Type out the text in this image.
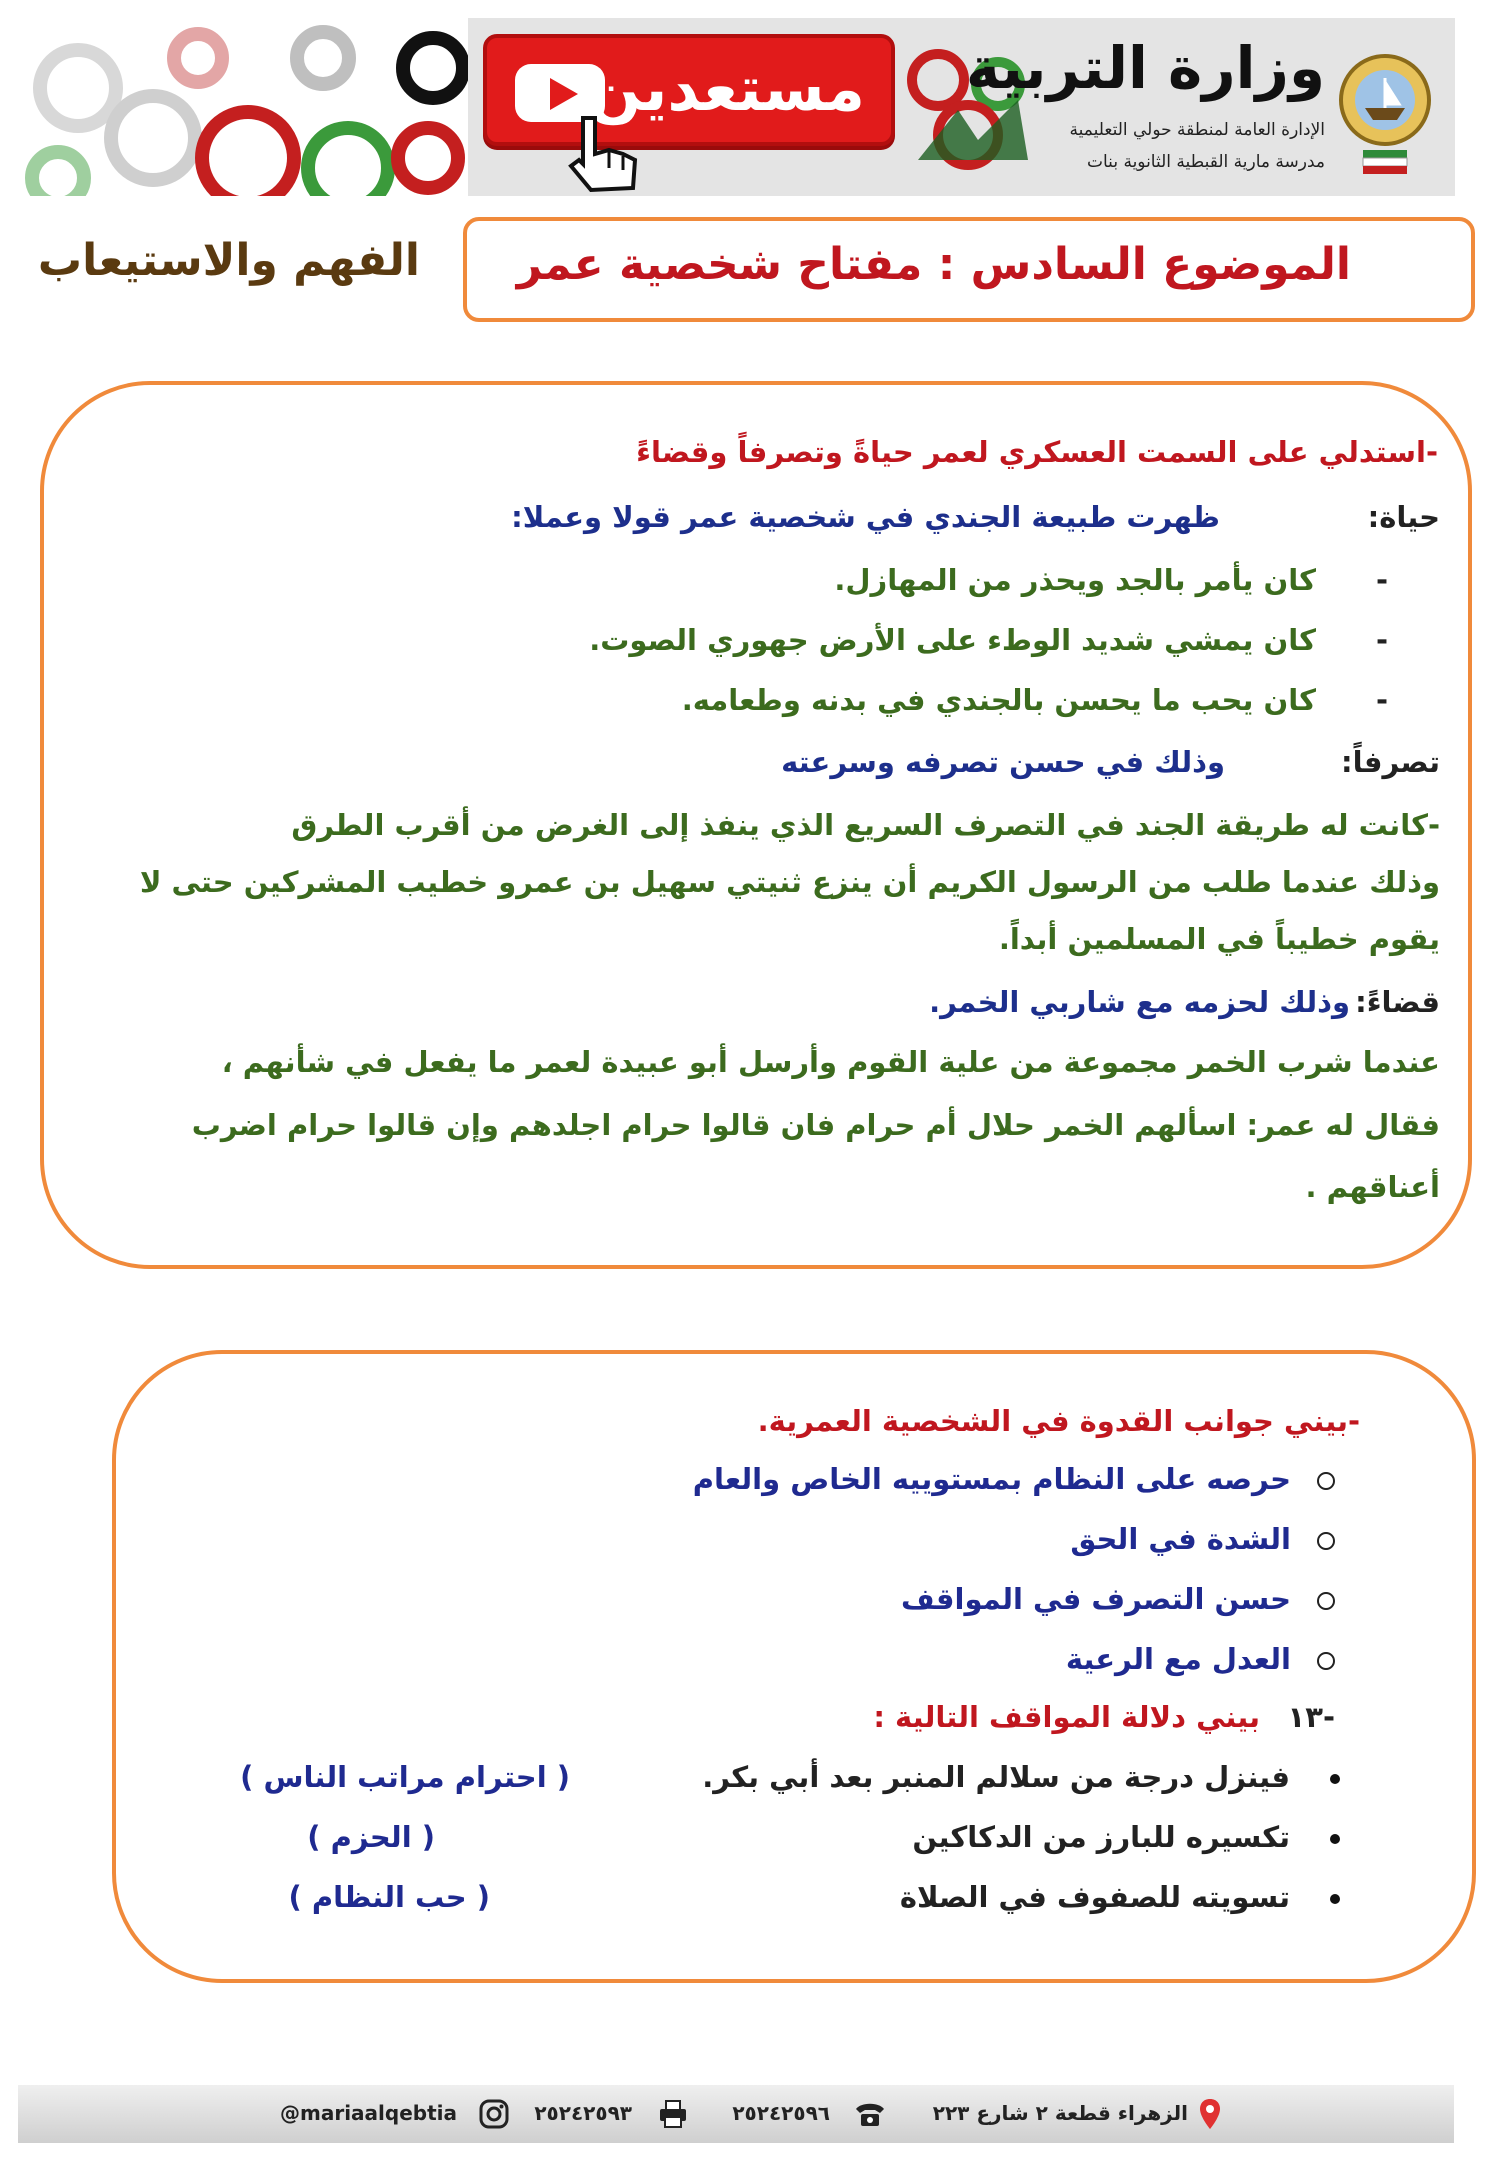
مستعدين وزارة التربية
الإدارة العامة لمنطقة حولي التعليمية
مدرسة مارية القبطية الثانوية بنات
الموضوع السادس : مفتاح شخصية عمر
الفهم والاستيعاب
-استدلي على السمت العسكري لعمر حياةً وتصرفاً وقضاءً
حياة:
ظهرت طبيعة الجندي في شخصية عمر قولا وعملا:
-كان يأمر بالجد ويحذر من المهازل.
-كان يمشي شديد الوطء على الأرض جهوري الصوت.
-كان يحب ما يحسن بالجندي في بدنه وطعامه.
تصرفاً:
وذلك في حسن تصرفه وسرعته
-كانت له طريقة الجند في التصرف السريع الذي ينفذ إلى الغرض من أقرب الطرق
وذلك عندما طلب من الرسول الكريم أن ينزع ثنيتي سهيل بن عمرو خطيب المشركين حتى لا
يقوم خطيباً في المسلمين أبداً.
قضاءً:
وذلك لحزمه مع شاربي الخمر.
عندما شرب الخمر مجموعة من علية القوم وأرسل أبو عبيدة لعمر ما يفعل في شأنهم ،
فقال له عمر: اسألهم الخمر حلال أم حرام فان قالوا حرام اجلدهم وإن قالوا حرام اضرب
أعناقهم .
-بيني جوانب القدوة في الشخصية العمرية.
حرصه على النظام بمستوييه الخاص والعام
الشدة في الحق
حسن التصرف في المواقف
العدل مع الرعية
-١٣
بيني دلالة المواقف التالية :
فينزل درجة من سلالم المنبر بعد أبي بكر.
( احترام مراتب الناس )
تكسيره للبارز من الدكاكين
( الحزم )
تسويته للصفوف في الصلاة
( حب النظام )
الزهراء قطعة ٢ شارع ٢٢٣
٢٥٢٤٢٥٩٦
٢٥٢٤٢٥٩٣
@mariaalqebtia
